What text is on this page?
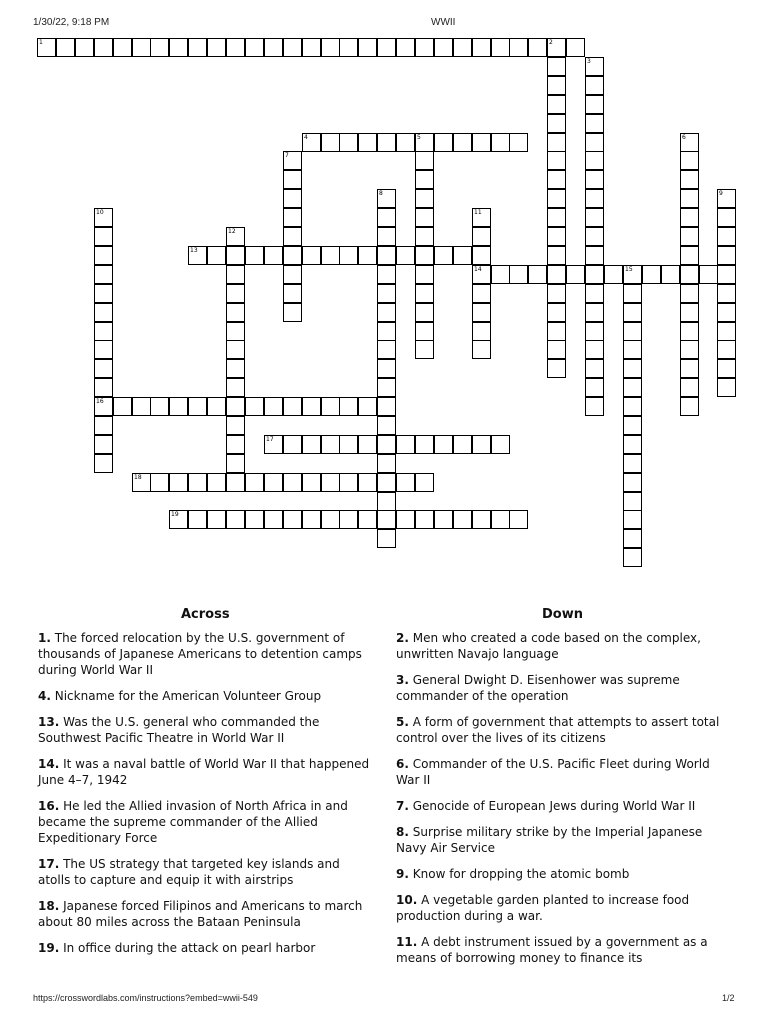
1/30/22, 9:18 PM	WWII
1	2
3
4	5	6
7
8	9
10
16
11
14
12
13
15
17
18
19
Across	Down
1. The forced relocation by the U.S. government of thousands of Japanese Americans to detention camps during World War II
4. Nickname for the American Volunteer Group
13. Was the U.S. general who commanded the Southwest Pacific Theatre in World War II
14. It was a naval battle of World War II that happened June 4–7, 1942
16. He led the Allied invasion of North Africa in and became the supreme commander of the Allied Expeditionary Force
17. The US strategy that targeted key islands and atolls to capture and equip it with airstrips
18. Japanese forced Filipinos and Americans to march about 80 miles across the Bataan Peninsula
19. In office during the attack on pearl harbor
2. Men who created a code based on the complex, unwritten Navajo language
3. General Dwight D. Eisenhower was supreme commander of the operation
5. A form of government that attempts to assert total control over the lives of its citizens
6. Commander of the U.S. Pacific Fleet during World War II
7. Genocide of European Jews during World War II
8. Surprise military strike by the Imperial Japanese Navy Air Service
9. Know for dropping the atomic bomb
10. A vegetable garden planted to increase food production during a war.
11. A debt instrument issued by a government as a means of borrowing money to finance its
https://crosswordlabs.com/instructions?embed=wwii-549	1/2
